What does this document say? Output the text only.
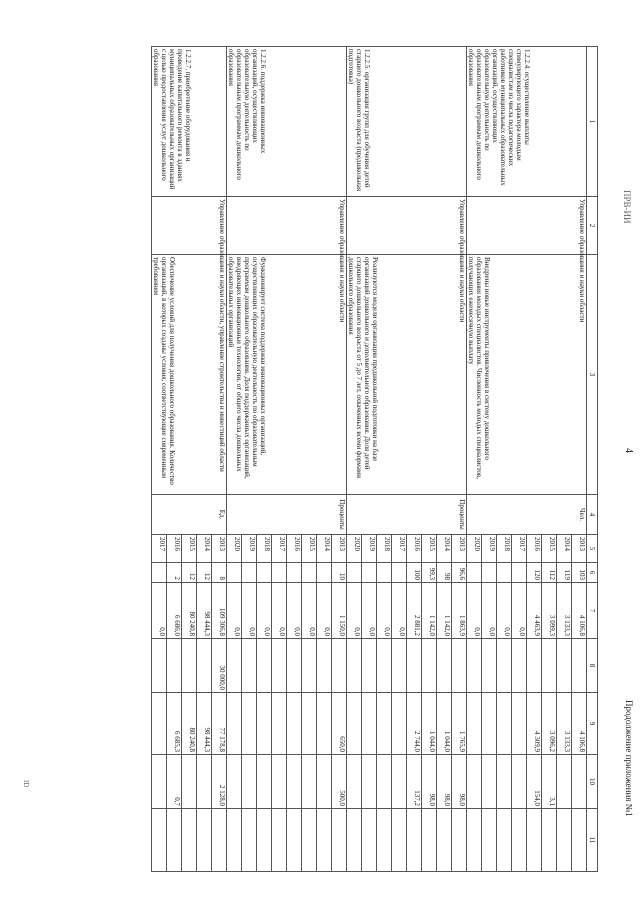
4
Продолжение приложения №1
ПРВ-ИИ
ID
1	2	3	4	5	6	7	8	9	10	11
1.2.2.4. осуществление выплаты стимулирующего характера молодым специалистам из числа педагогических работников муниципальных образовательных организаций, осуществляющих образовательную деятельность по образовательным программам дошкольного образования	Управление образования и науки области	Внедрены новые инструменты привлечения в систему дошкольного образования молодых специалистов. Численность молодых специалистов, получающих ежемесячную выплату	Чел.	2013	103	4 106,8		4 106,8		
				2014	119	3 133,3		3 133,3		
				2015	112	3 099,3		3 096,2	3,1	
				2016	120	4 463,9		4 309,9	154,0	
				2017		0,0				
				2018		0,0				
				2019		0,0				
				2020		0,0				
1.2.2.5. организация групп для обучения детей старшего дошкольного возраста (предшкольная подготовка)	Управление образования и науки области	Реализуются модели организации предшкольной подготовки на базе организаций дошкольного и дополнительного образования. Доля детей старшего дошкольного возраста от 5 до 7 лет, охваченных всеми формами дошкольного образования	Проценты	2013	96,6	1 863,9		1 765,9	98,0	
				2014	98	1 142,0		1 044,0	98,0	
				2015	99,3	1 142,0		1 044,0	98,0	
				2016	100	2 881,2		2 744,0	137,2	
				2017		0,0				
				2018		0,0				
				2019		0,0				
				2020		0,0				
1.2.2.6. поддержка инновационных организаций, осуществляющих образовательную деятельность по образовательным программам дошкольного образования	Управление образования и науки области	Функционирует система поддержки инновационных организаций, осуществляющих образовательную деятельность по образовательным программам дошкольного образования. Доля поддержанных организаций, внедряющих инновационные технологии, от общего числа дошкольных образовательных организаций	Проценты	2013	10	1 150,0		650,0	500,0	
				2014		0,0				
				2015		0,0				
				2016		0,0				
				2017		0,0				
				2018		0,0				
				2019		0,0				
				2020		0,0				
1.2.2.7. приобретение оборудования и проведение капитального ремонта в зданиях муниципальных образовательных организаций с целью предоставления услуг дошкольного образования	Управление образования и науки области, управление строительства и инвестиций области	Обеспечение условий для получения дошкольного образования. Количество организаций, в которых созданы условия, соответствующие современным требованиям	Ед.	2013	8	109 306,8	30 000,0	77 178,8	2 128,0	
				2014	12	98 444,3		98 444,3		
				2015	12	80 240,8		80 240,8		
				2016	2	6 686,0		6 685,3	0,7	
				2017		0,0				
